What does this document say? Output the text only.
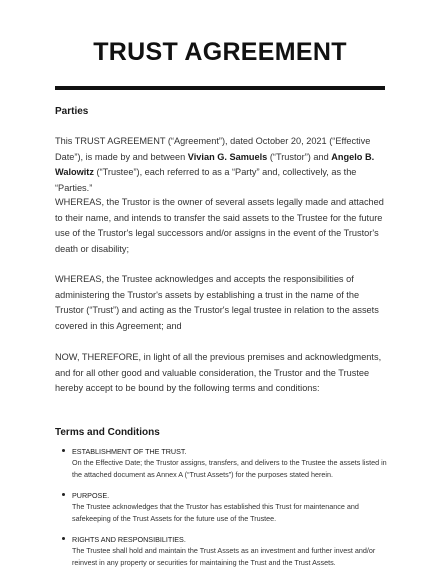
TRUST AGREEMENT
Parties

This TRUST AGREEMENT (“Agreement”), dated October 20, 2021 (“Effective Date”), is made by and between Vivian G. Samuels (“Trustor”) and Angelo B. Walowitz (“Trustee”), each referred to as a “Party” and, collectively, as the “Parties.”

WHEREAS, the Trustor is the owner of several assets legally made and attached to their name, and intends to transfer the said assets to the Trustee for the future use of the Trustor's legal successors and/or assigns in the event of the Trustor's death or disability;

WHEREAS, the Trustee acknowledges and accepts the responsibilities of administering the Trustor's assets by establishing a trust in the name of the Trustor (“Trust”) and acting as the Trustor's legal trustee in relation to the assets covered in this Agreement; and

NOW, THEREFORE, in light of all the previous premises and acknowledgments, and for all other good and valuable consideration, the Trustor and the Trustee hereby accept to be bound by the following terms and conditions:

Terms and Conditions
ESTABLISHMENT OF THE TRUST.
On the Effective Date; the Trustor assigns, transfers, and delivers to the Trustee the assets listed in the attached document as Annex A (“Trust Assets”) for the purposes stated herein.
PURPOSE.
The Trustee acknowledges that the Trustor has established this Trust for maintenance and safekeeping of the Trust Assets for the future use of the Trustee.
RIGHTS AND RESPONSIBILITIES.
The Trustee shall hold and maintain the Trust Assets as an investment and further invest and/or reinvest in any property or securities for maintaining the Trust and the Trust Assets.
